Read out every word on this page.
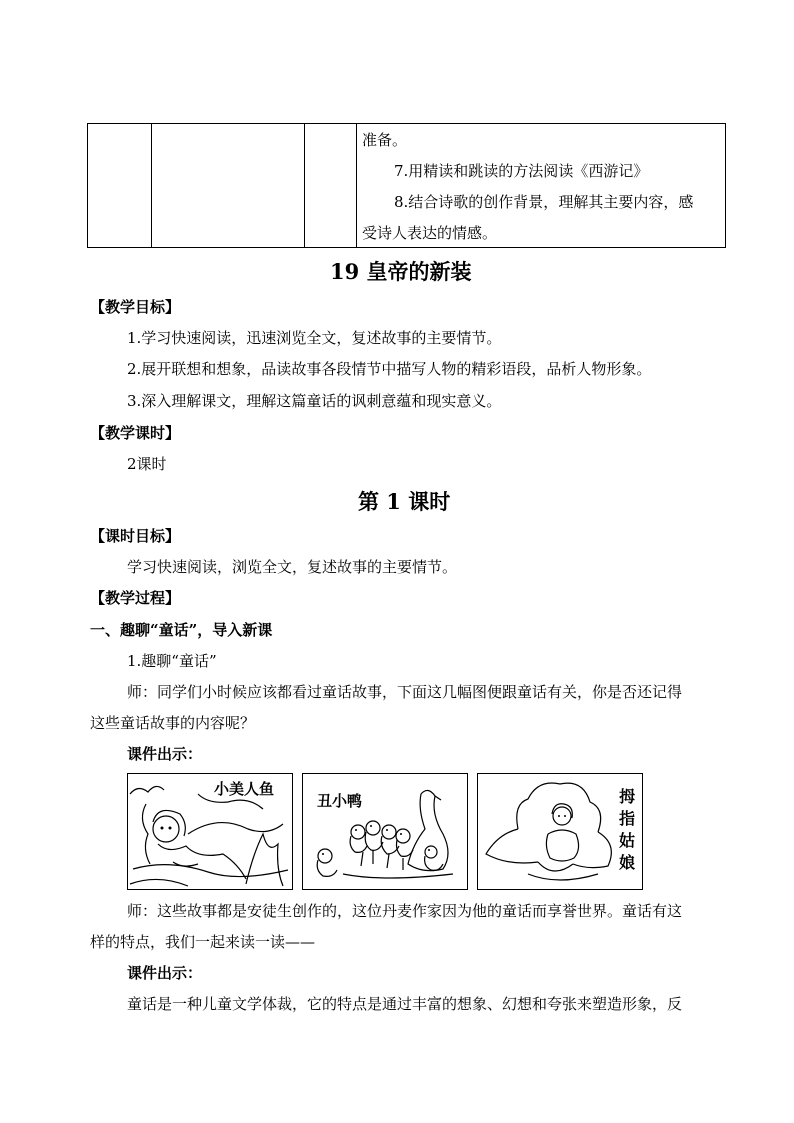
准备。
7.用精读和跳读的方法阅读《西游记》
8.结合诗歌的创作背景，理解其主要内容，感
受诗人表达的情感。
19 皇帝的新装
【教学目标】
1.学习快速阅读，迅速浏览全文，复述故事的主要情节。
2.展开联想和想象，品读故事各段情节中描写人物的精彩语段，品析人物形象。
3.深入理解课文，理解这篇童话的讽刺意蕴和现实意义。
【教学课时】
2课时
第 1 课时
【课时目标】
学习快速阅读，浏览全文，复述故事的主要情节。
【教学过程】
一、趣聊“童话”，导入新课
1.趣聊“童话”
师：同学们小时候应该都看过童话故事，下面这几幅图便跟童话有关，你是否还记得
这些童话故事的内容呢？
课件出示：
小美人鱼
丑小鸭	拇
指
姑
娘
师：这些故事都是安徒生创作的，这位丹麦作家因为他的童话而享誉世界。童话有这
样的特点，我们一起来读一读——
课件出示：
童话是一种儿童文学体裁，它的特点是通过丰富的想象、幻想和夸张来塑造形象，反
